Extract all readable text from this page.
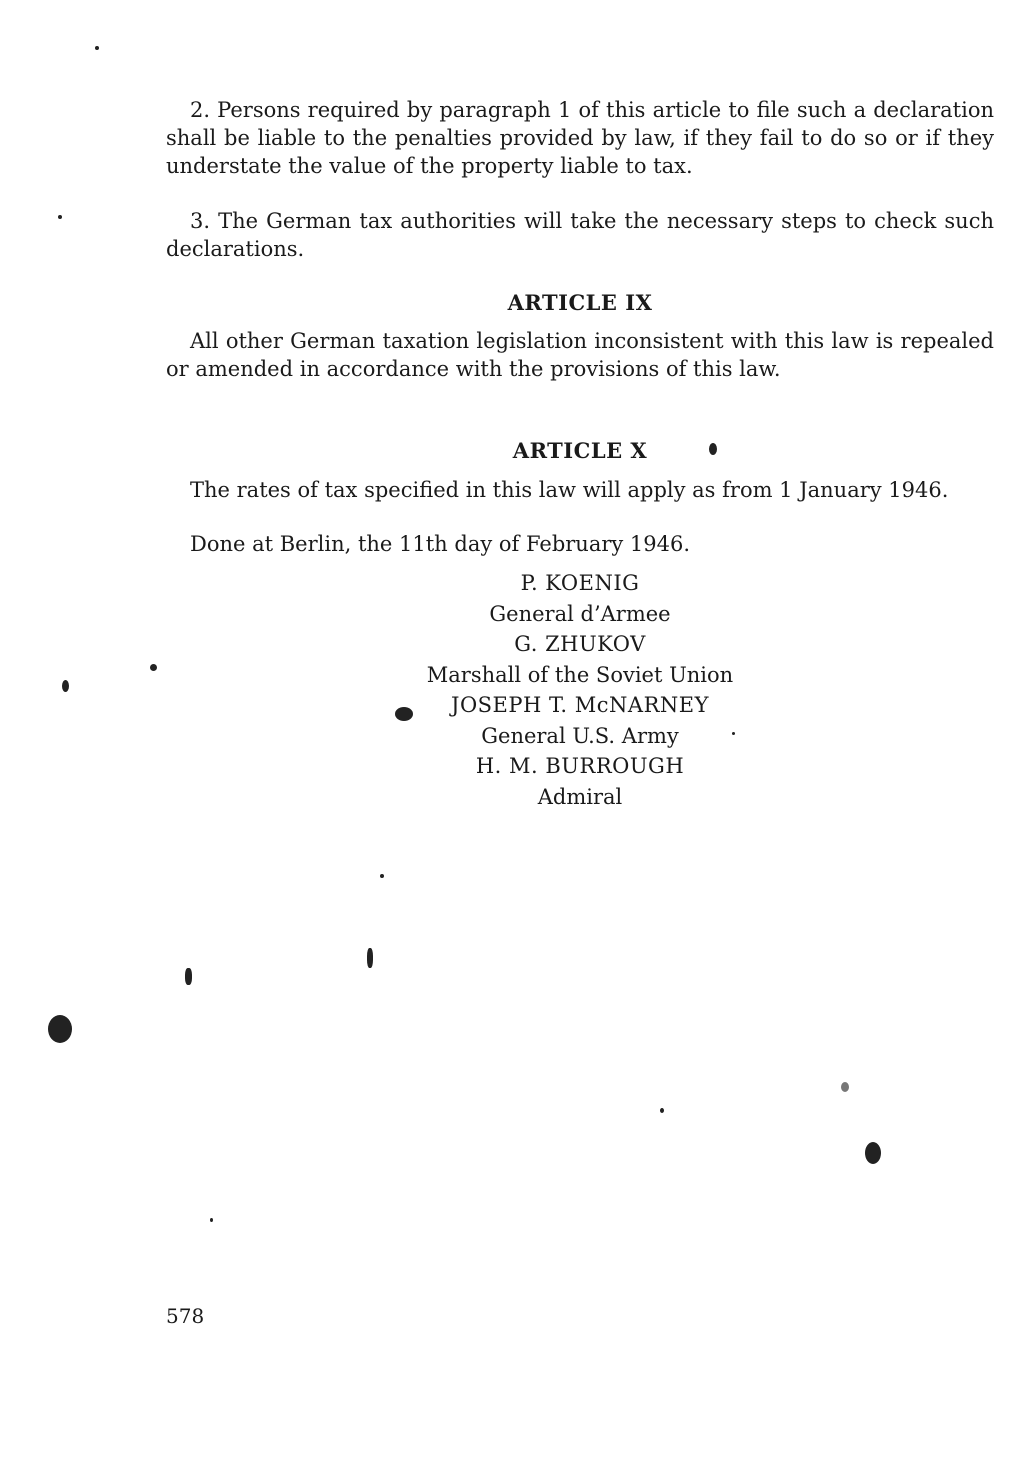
2. Persons required by paragraph 1 of this article to file such a declaration shall be liable to the penalties provided by law, if they fail to do so or if they understate the value of the property liable to tax.

3. The German tax authorities will take the necessary steps to check such declarations.

ARTICLE IX

All other German taxation legislation inconsistent with this law is repealed or amended in accordance with the provisions of this law.

ARTICLE X

The rates of tax specified in this law will apply as from 1 January 1946.

Done at Berlin, the 11th day of February 1946.

P. KOENIG

General d’Armee

G. ZHUKOV

Marshall of the Soviet Union

JOSEPH T. McNARNEY

General U.S. Army

H. M. BURROUGH

Admiral

578
